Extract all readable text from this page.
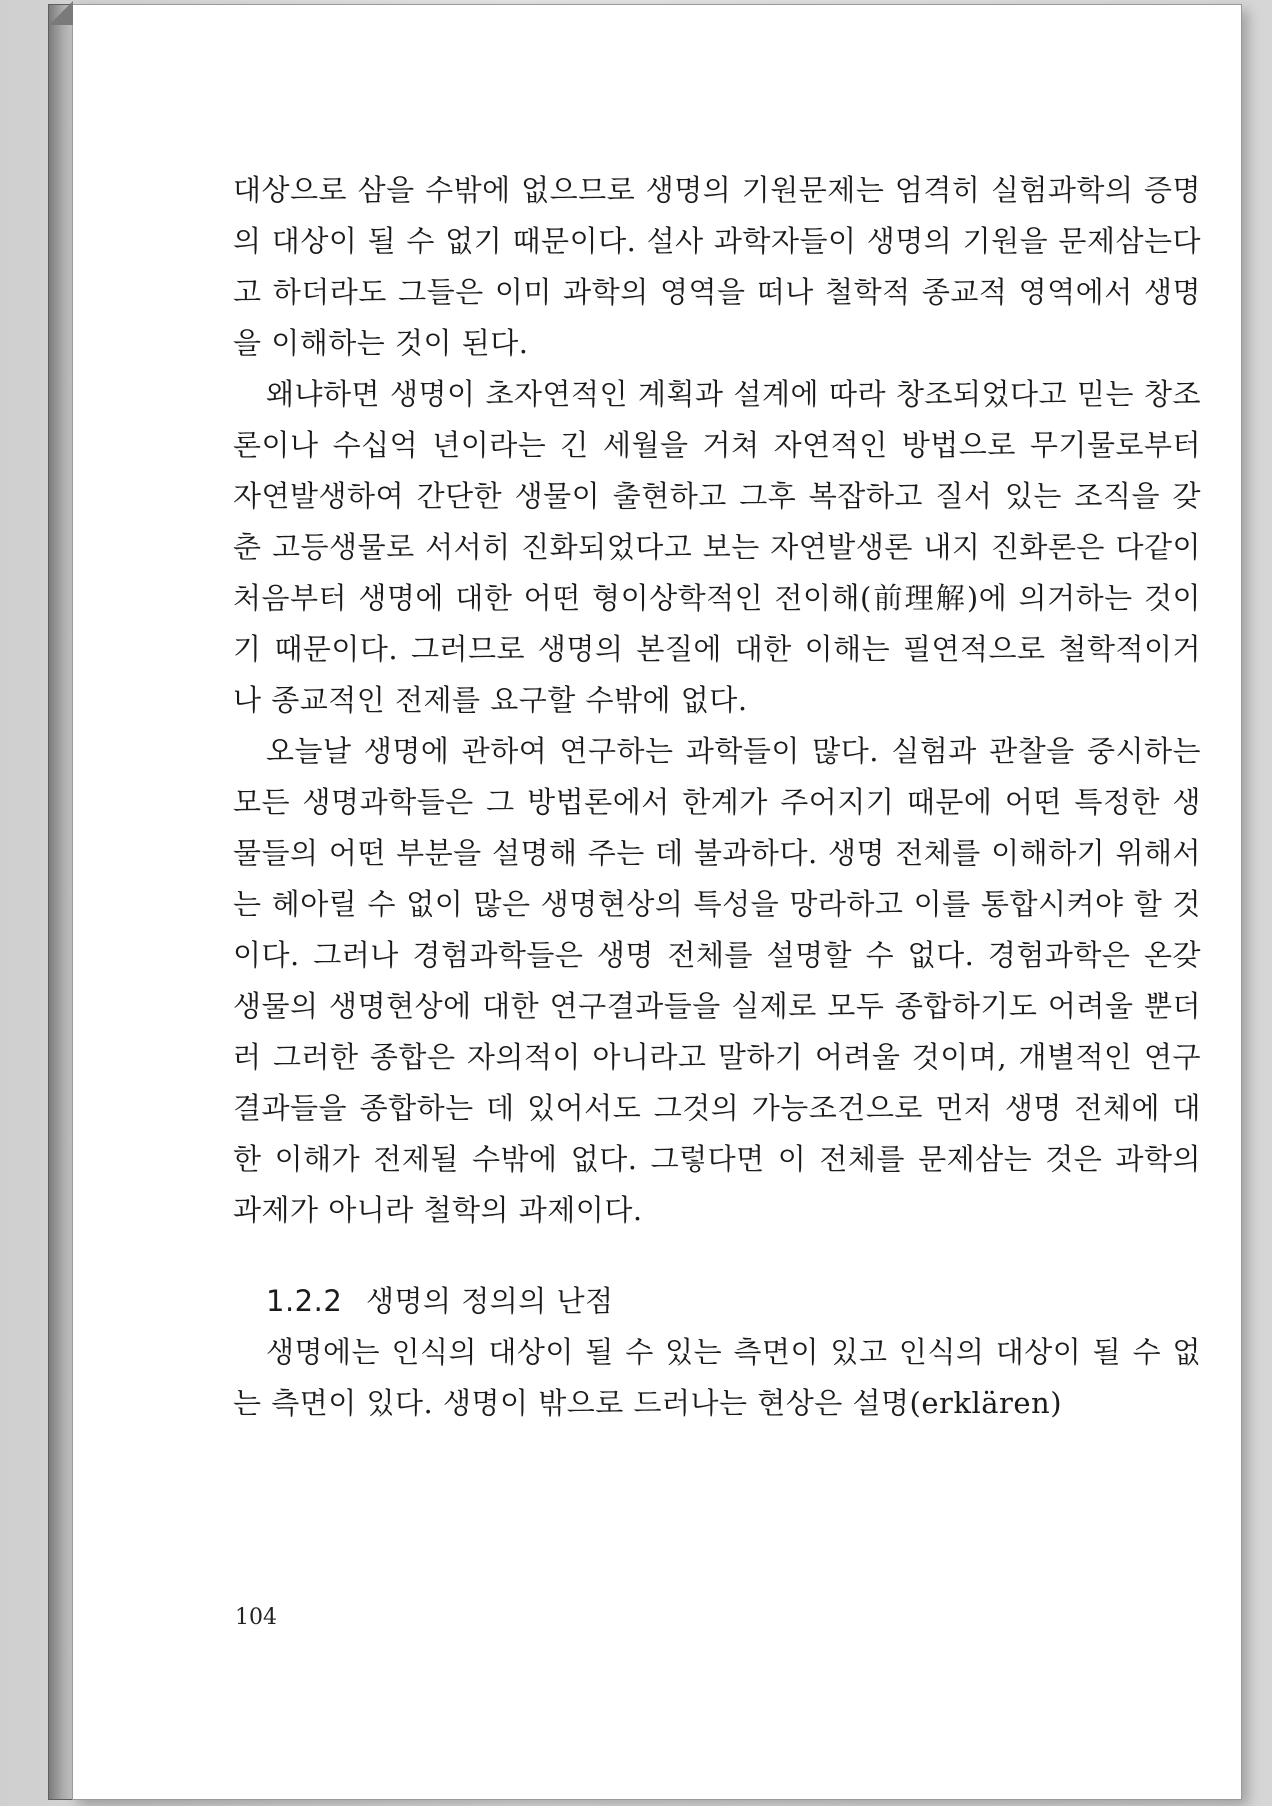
대상으로 삼을 수밖에 없으므로 생명의 기원문제는 엄격히 실험과학의 증명의 대상이 될 수 없기 때문이다. 설사 과학자들이 생명의 기원을 문제삼는다고 하더라도 그들은 이미 과학의 영역을 떠나 철학적 종교적 영역에서 생명을 이해하는 것이 된다.

왜냐하면 생명이 초자연적인 계획과 설계에 따라 창조되었다고 믿는 창조론이나 수십억 년이라는 긴 세월을 거쳐 자연적인 방법으로 무기물로부터 자연발생하여 간단한 생물이 출현하고 그후 복잡하고 질서 있는 조직을 갖춘 고등생물로 서서히 진화되었다고 보는 자연발생론 내지 진화론은 다같이 처음부터 생명에 대한 어떤 형이상학적인 전이해(前理解)에 의거하는 것이기 때문이다. 그러므로 생명의 본질에 대한 이해는 필연적으로 철학적이거나 종교적인 전제를 요구할 수밖에 없다.

오늘날 생명에 관하여 연구하는 과학들이 많다. 실험과 관찰을 중시하는 모든 생명과학들은 그 방법론에서 한계가 주어지기 때문에 어떤 특정한 생물들의 어떤 부분을 설명해 주는 데 불과하다. 생명 전체를 이해하기 위해서는 헤아릴 수 없이 많은 생명현상의 특성을 망라하고 이를 통합시켜야 할 것이다. 그러나 경험과학들은 생명 전체를 설명할 수 없다. 경험과학은 온갖 생물의 생명현상에 대한 연구결과들을 실제로 모두 종합하기도 어려울 뿐더러 그러한 종합은 자의적이 아니라고 말하기 어려울 것이며, 개별적인 연구결과들을 종합하는 데 있어서도 그것의 가능조건으로 먼저 생명 전체에 대한 이해가 전제될 수밖에 없다. 그렇다면 이 전체를 문제삼는 것은 과학의 과제가 아니라 철학의 과제이다.

1.2.2 생명의 정의의 난점

생명에는 인식의 대상이 될 수 있는 측면이 있고 인식의 대상이 될 수 없는 측면이 있다. 생명이 밖으로 드러나는 현상은 설명(erklären)

104
